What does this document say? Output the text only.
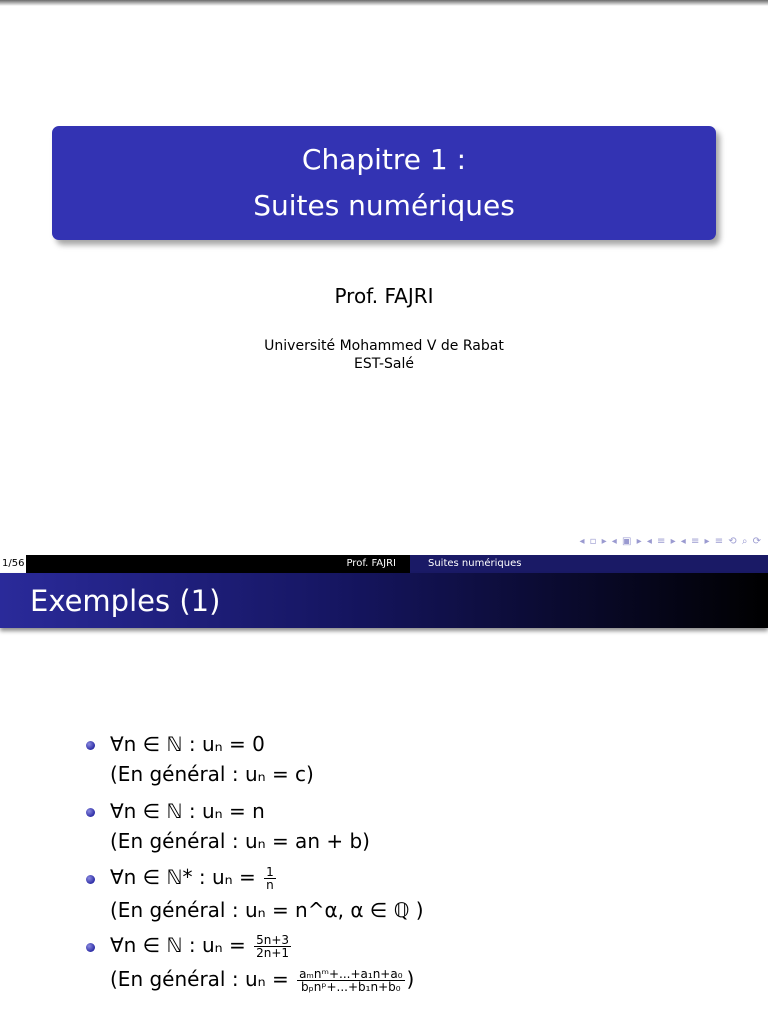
Chapitre 1 :
Suites numériques
Prof. FAJRI
Université Mohammed V de Rabat
EST-Salé
◂ ▫ ▸ ◂ ▣ ▸ ◂ ≡ ▸ ◂ ≡ ▸ ≡ ⟲ ⌕ ⟳
Prof. FAJRI	Suites numériques
1/56
Exemples (1)
∀n ∈ ℕ : uₙ = 0
(En général : uₙ = c)
∀n ∈ ℕ : uₙ = n
(En général : uₙ = an + b)
∀n ∈ ℕ* : $u_n = \frac{1}{n}$
(En général : uₙ = n^α, α ∈ ℚ )
∀n ∈ ℕ : $u_n = \frac{5n+3}{2n+1}$
(En général : $u_n = \frac{\text{aₘnᵐ+...+a₁n+a₀}}{\text{bₚnᵖ+...+b₁n+b₀}}$ )
